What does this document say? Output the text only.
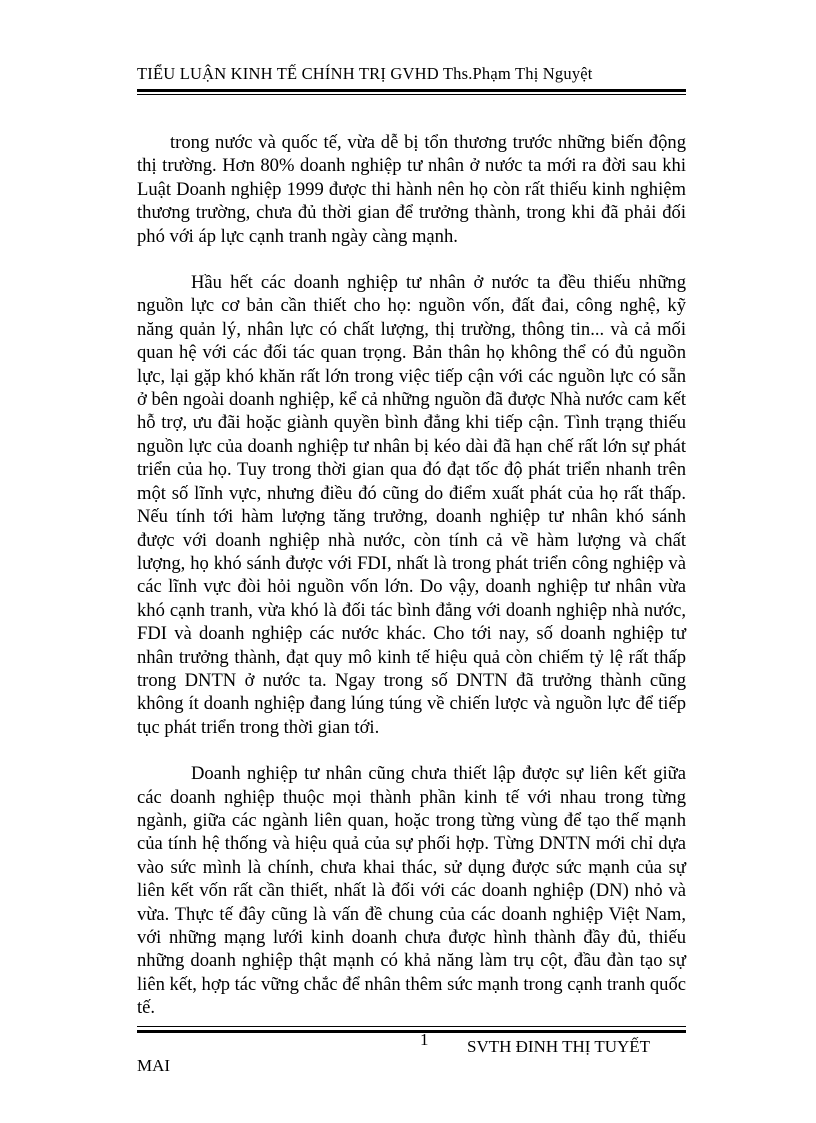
TIỂU LUẬN KINH TẾ CHÍNH TRỊ GVHD Ths.Phạm Thị Nguyệt

trong nước và quốc tế, vừa dễ bị tổn thương trước những biến động thị trường. Hơn 80% doanh nghiệp tư nhân ở nước ta mới ra đời sau khi Luật Doanh nghiệp 1999 được thi hành nên họ còn rất thiếu kinh nghiệm thương trường, chưa đủ thời gian để trưởng thành, trong khi đã phải đối phó với áp lực cạnh tranh ngày càng mạnh.

Hầu hết các doanh nghiệp tư nhân ở nước ta đều thiếu những nguồn lực cơ bản cần thiết cho họ: nguồn vốn, đất đai, công nghệ, kỹ năng quản lý, nhân lực có chất lượng, thị trường, thông tin... và cả mối quan hệ với các đối tác quan trọng. Bản thân họ không thể có đủ nguồn lực, lại gặp khó khăn rất lớn trong việc tiếp cận với các nguồn lực có sẵn ở bên ngoài doanh nghiệp, kể cả những nguồn đã được Nhà nước cam kết hỗ trợ, ưu đãi hoặc giành quyền bình đẳng khi tiếp cận. Tình trạng thiếu nguồn lực của doanh nghiệp tư nhân bị kéo dài đã hạn chế rất lớn sự phát triển của họ. Tuy trong thời gian qua đó đạt tốc độ phát triển nhanh trên một số lĩnh vực, nhưng điều đó cũng do điểm xuất phát của họ rất thấp. Nếu tính tới hàm lượng tăng trưởng, doanh nghiệp tư nhân khó sánh được với doanh nghiệp nhà nước, còn tính cả về hàm lượng và chất lượng, họ khó sánh được với FDI, nhất là trong phát triển công nghiệp và các lĩnh vực đòi hỏi nguồn vốn lớn. Do vậy, doanh nghiệp tư nhân vừa khó cạnh tranh, vừa khó là đối tác bình đẳng với doanh nghiệp nhà nước, FDI và doanh nghiệp các nước khác. Cho tới nay, số doanh nghiệp tư nhân trưởng thành, đạt quy mô kinh tế hiệu quả còn chiếm tỷ lệ rất thấp trong DNTN ở nước ta. Ngay trong số DNTN đã trưởng thành cũng không ít doanh nghiệp đang lúng túng về chiến lược và nguồn lực để tiếp tục phát triển trong thời gian tới.

Doanh nghiệp tư nhân cũng chưa thiết lập được sự liên kết giữa các doanh nghiệp thuộc mọi thành phần kinh tế với nhau trong từng ngành, giữa các ngành liên quan, hoặc trong từng vùng để tạo thế mạnh của tính hệ thống và hiệu quả của sự phối hợp. Từng DNTN mới chỉ dựa vào sức mình là chính, chưa khai thác, sử dụng được sức mạnh của sự liên kết vốn rất cần thiết, nhất là đối với các doanh nghiệp (DN) nhỏ và vừa. Thực tế đây cũng là vấn đề chung của các doanh nghiệp Việt Nam, với những mạng lưới kinh doanh chưa được hình thành đầy đủ, thiếu những doanh nghiệp thật mạnh có khả năng làm trụ cột, đầu đàn tạo sự liên kết, hợp tác vững chắc để nhân thêm sức mạnh trong cạnh tranh quốc tế.

1 SVTH ĐINH THỊ TUYẾT
MAI
